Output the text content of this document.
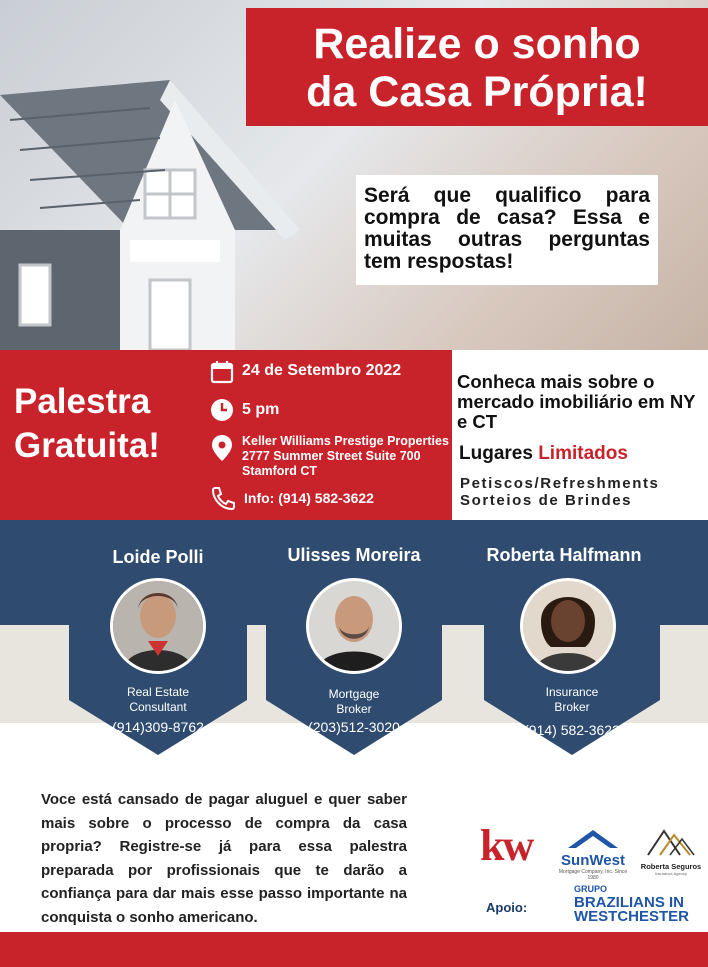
Realize o sonho
da Casa Própria!
Será que qualifico para compra de casa? Essa e muitas outras perguntas tem respostas!
Palestra
Gratuita!
24 de Setembro 2022
5 pm
Keller Williams Prestige Properties
2777 Summer Street Suite 700
Stamford CT
Info: (914) 582-3622
Conheca mais sobre o mercado imobiliário em NY e CT
Lugares Limitados
Petiscos/Refreshments
Sorteios de Brindes
Loide Polli
Real Estate
Consultant
(914)309-8762
Ulisses Moreira
Mortgage
Broker
(203)512-3020
Roberta Halfmann
Insurance
Broker
(914) 582-3622
Voce está cansado de pagar aluguel e quer saber mais sobre o processo de compra da casa propria? Registre-se já para essa palestra preparada por profissionais que te darão a confiança para dar mais esse passo importante na conquista o sonho americano.
kw	SunWest
Mortgage Company, Inc. Since 1980
Roberta Seguros
Insurance Agency
Apoio:
GRUPO
BRAZILIANS IN
WESTCHESTER
